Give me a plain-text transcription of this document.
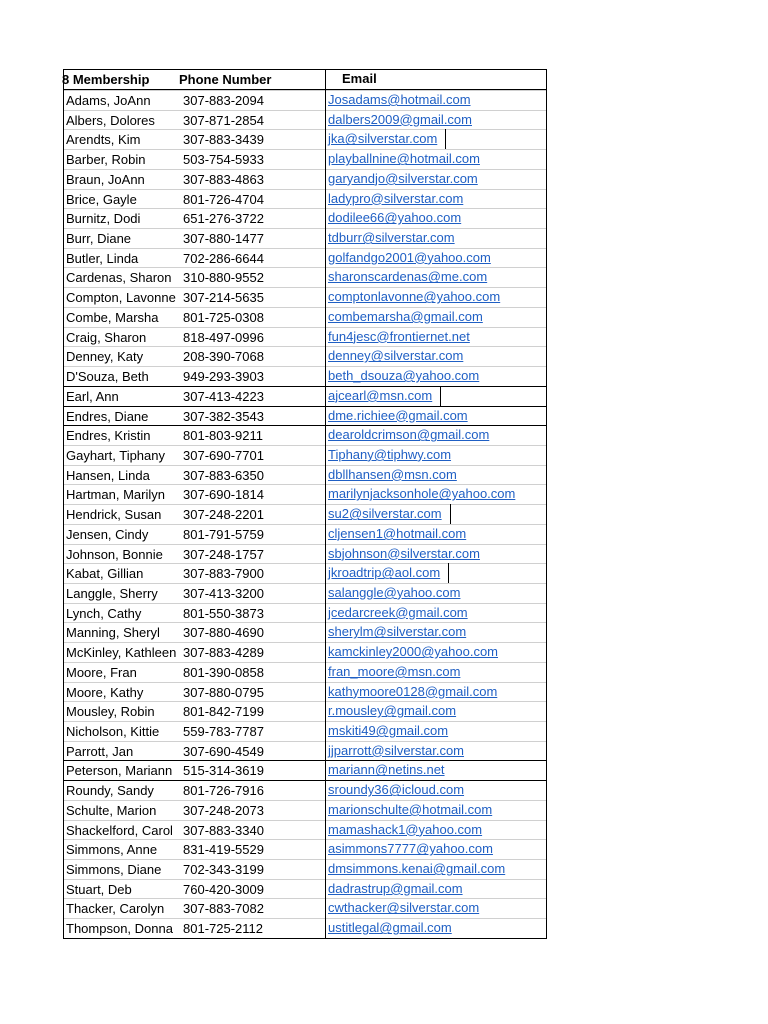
8 Membership	Phone Number	Email
Adams, JoAnn	307-883-2094	Josadams@hotmail.com
Albers, Dolores	307-871-2854	dalbers2009@gmail.com
Arendts, Kim	307-883-3439	jka@silverstar.com
Barber, Robin	503-754-5933	playballnine@hotmail.com
Braun, JoAnn	307-883-4863	garyandjo@silverstar.com
Brice, Gayle	801-726-4704	ladypro@silverstar.com
Burnitz, Dodi	651-276-3722	dodilee66@yahoo.com
Burr, Diane	307-880-1477	tdburr@silverstar.com
Butler, Linda	702-286-6644	golfandgo2001@yahoo.com
Cardenas, Sharon 310-880-9552	sharonscardenas@me.com
Compton, Lavonne 307-214-5635	comptonlavonne@yahoo.com
Combe, Marsha	801-725-0308	combemarsha@gmail.com
Craig, Sharon	818-497-0996	fun4jesc@frontiernet.net
Denney, Katy	208-390-7068	denney@silverstar.com
D'Souza, Beth	949-293-3903	beth_dsouza@yahoo.com
Earl, Ann	307-413-4223	ajcearl@msn.com
Endres, Diane	307-382-3543	dme.richiee@gmail.com
Endres, Kristin	801-803-9211	dearoldcrimson@gmail.com
Gayhart, Tiphany	307-690-7701	Tiphany@tiphwy.com
Hansen, Linda	307-883-6350	dbllhansen@msn.com
Hartman, Marilyn	307-690-1814	marilynjacksonhole@yahoo.com
Hendrick, Susan	307-248-2201	su2@silverstar.com
Jensen, Cindy	801-791-5759	cljensen1@hotmail.com
Johnson, Bonnie	307-248-1757	sbjohnson@silverstar.com
Kabat, Gillian	307-883-7900	jkroadtrip@aol.com
Langgle, Sherry	307-413-3200	salanggle@yahoo.com
Lynch, Cathy	801-550-3873	jcedarcreek@gmail.com
Manning, Sheryl	307-880-4690	sherylm@silverstar.com
McKinley, Kathleen 307-883-4289	kamckinley2000@yahoo.com
Moore, Fran	801-390-0858	fran_moore@msn.com
Moore, Kathy	307-880-0795	kathymoore0128@gmail.com
Mousley, Robin	801-842-7199	r.mousley@gmail.com
Nicholson, Kittie	559-783-7787	mskiti49@gmail.com
Parrott, Jan	307-690-4549	jjparrott@silverstar.com
Peterson, Mariann 515-314-3619	mariann@netins.net
Roundy, Sandy	801-726-7916	sroundy36@icloud.com
Schulte, Marion	307-248-2073	marionschulte@hotmail.com
Shackelford, Carol 307-883-3340	mamashack1@yahoo.com
Simmons, Anne	831-419-5529	asimmons7777@yahoo.com
Simmons, Diane	702-343-3199	dmsimmons.kenai@gmail.com
Stuart, Deb	760-420-3009	dadrastrup@gmail.com
Thacker, Carolyn	307-883-7082	cwthacker@silverstar.com
Thompson, Donna 801-725-2112	ustitlegal@gmail.com
